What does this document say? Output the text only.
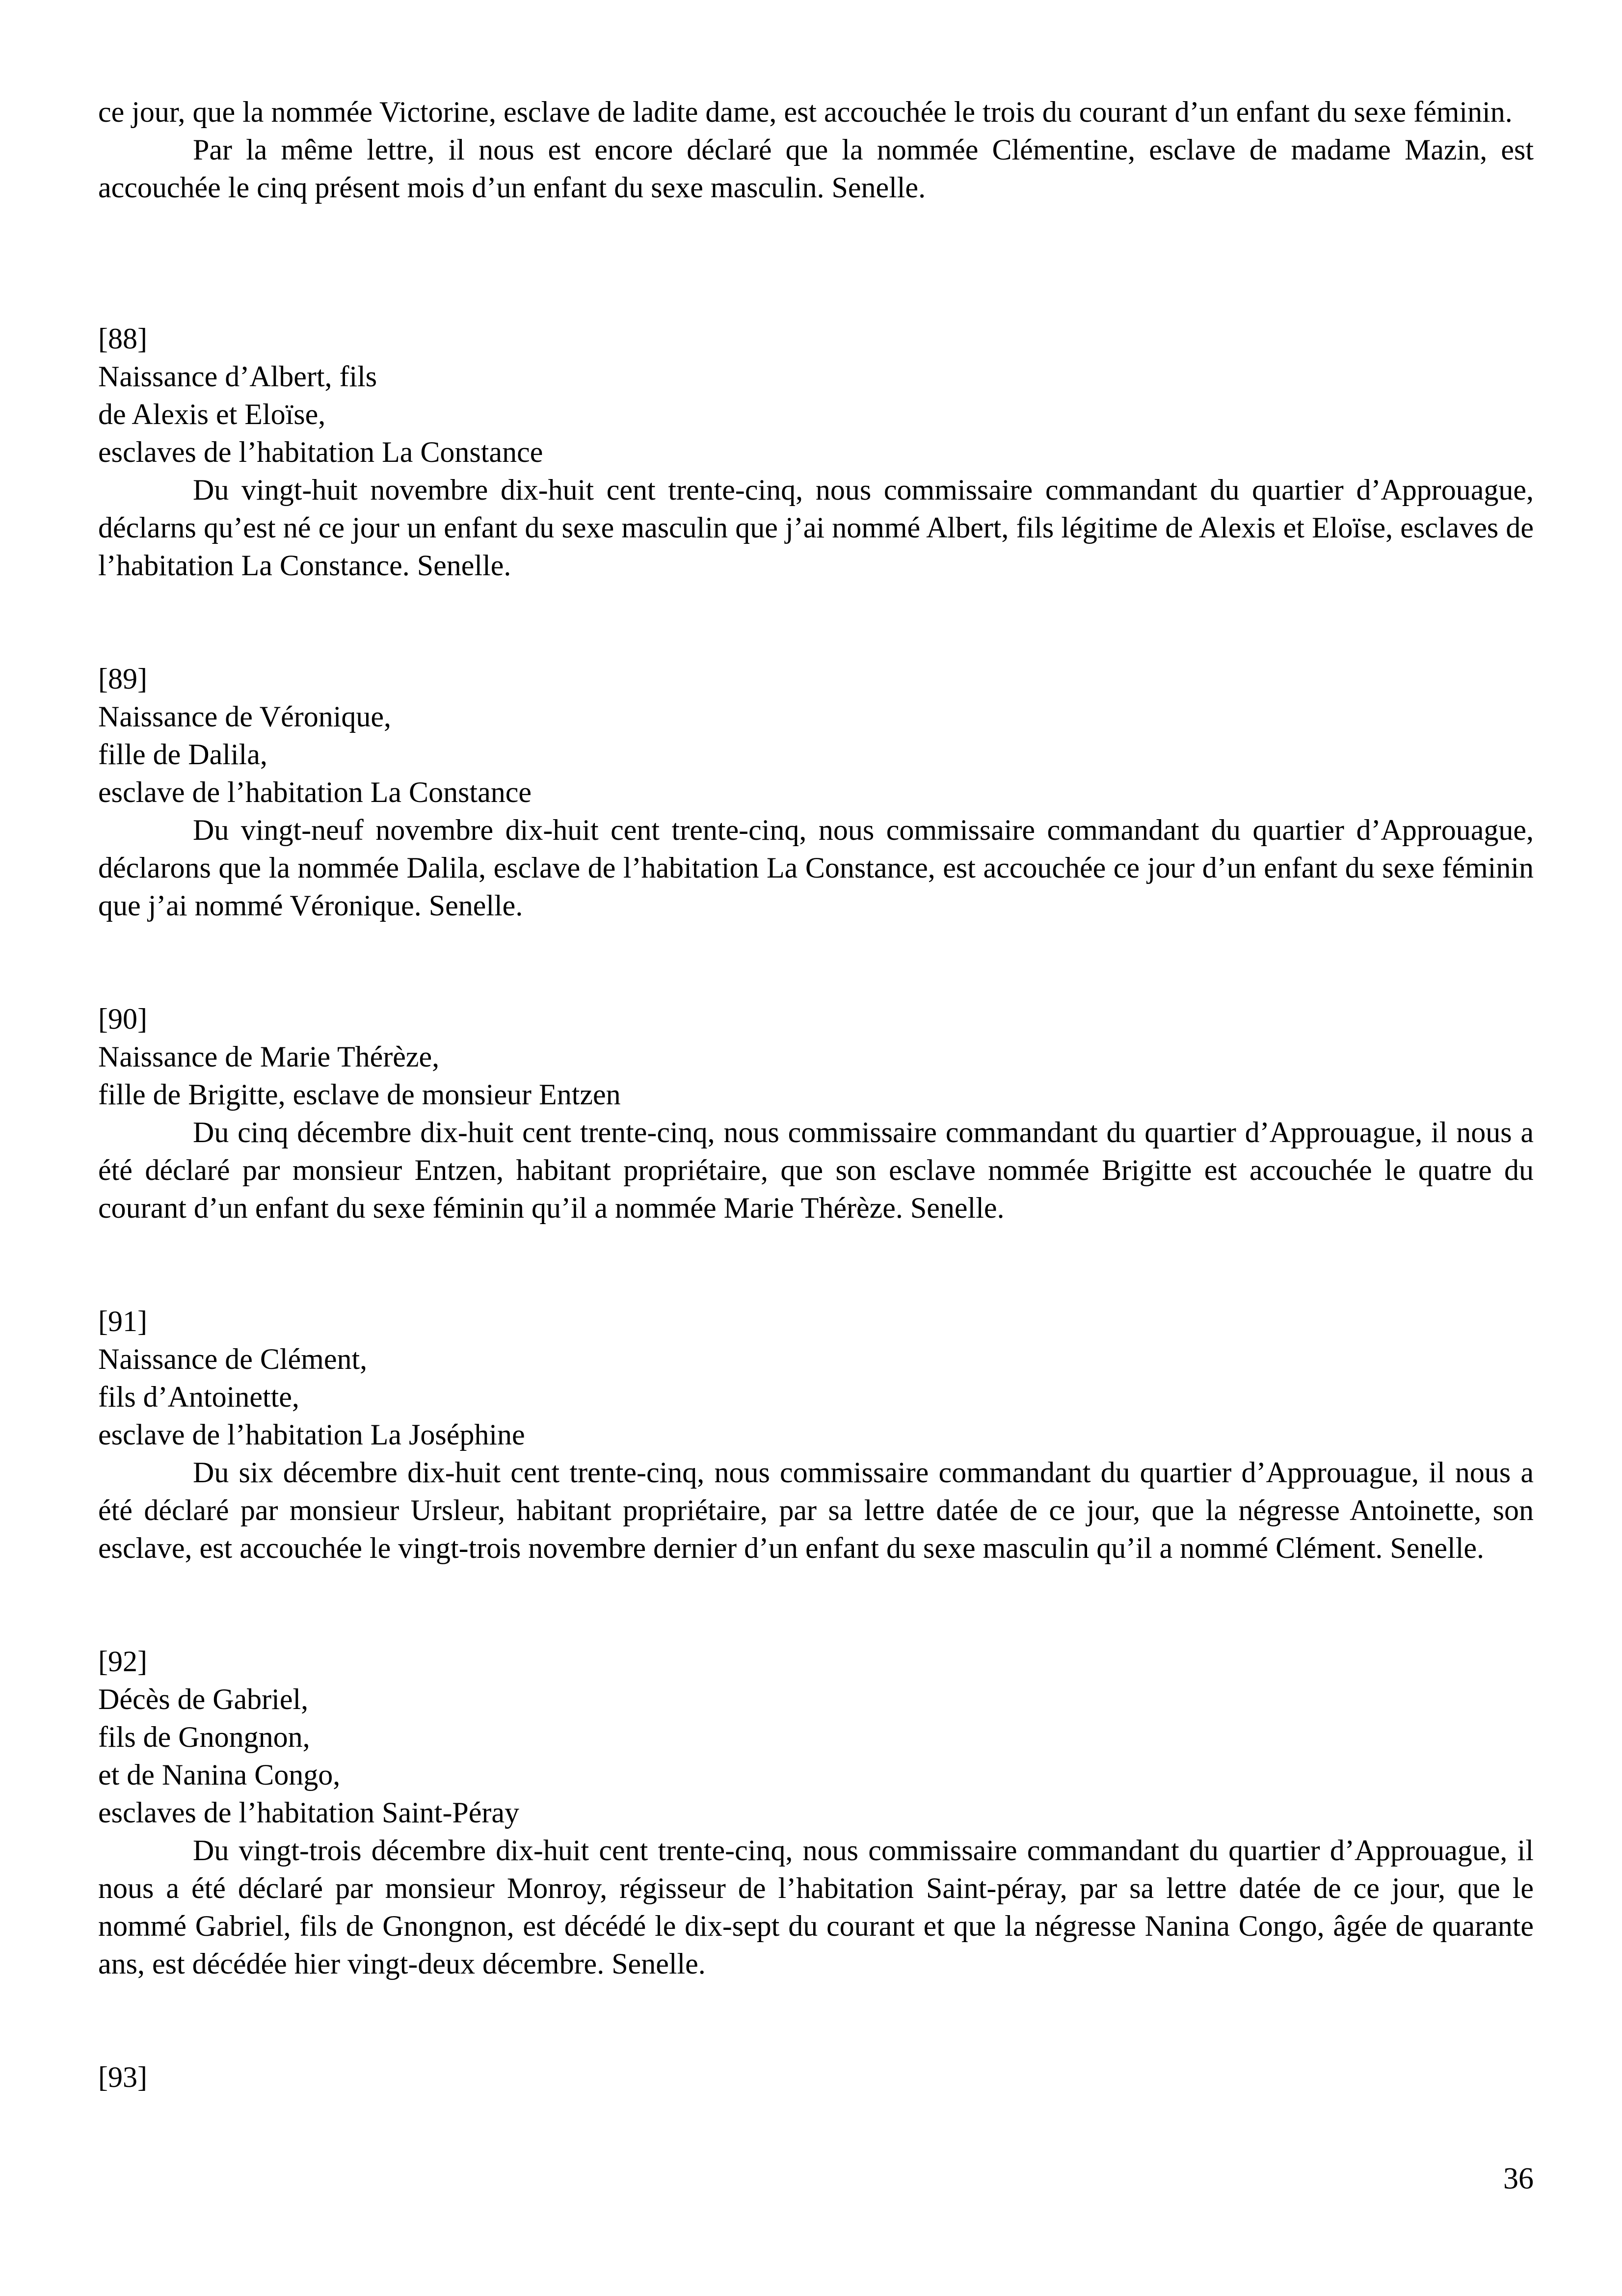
ce jour, que la nommée Victorine, esclave de ladite dame, est accouchée le trois du courant d’un enfant du sexe féminin.

Par la même lettre, il nous est encore déclaré que la nommée Clémentine, esclave de madame Mazin, est accouchée le cinq présent mois d’un enfant du sexe masculin. Senelle.

[88]
Naissance d’Albert, fils
de Alexis et Eloïse,
esclaves de l’habitation La Constance

Du vingt-huit novembre dix-huit cent trente-cinq, nous commissaire commandant du quartier d’Approuague, déclarns qu’est né ce jour un enfant du sexe masculin que j’ai nommé Albert, fils légitime de Alexis et Eloïse, esclaves de l’habitation La Constance. Senelle.

[89]
Naissance de Véronique,
fille de Dalila,
esclave de l’habitation La Constance

Du vingt-neuf novembre dix-huit cent trente-cinq, nous commissaire commandant du quartier d’Approuague, déclarons que la nommée Dalila, esclave de l’habitation La Constance, est accouchée ce jour d’un enfant du sexe féminin que j’ai nommé Véronique. Senelle.

[90]
Naissance de Marie Thérèze,
fille de Brigitte, esclave de monsieur Entzen

Du cinq décembre dix-huit cent trente-cinq, nous commissaire commandant du quartier d’Approuague, il nous a été déclaré par monsieur Entzen, habitant propriétaire, que son esclave nommée Brigitte est accouchée le quatre du courant d’un enfant du sexe féminin qu’il a nommée Marie Thérèze. Senelle.

[91]
Naissance de Clément,
fils d’Antoinette,
esclave de l’habitation La Joséphine

Du six décembre dix-huit cent trente-cinq, nous commissaire commandant du quartier d’Approuague, il nous a été déclaré par monsieur Ursleur, habitant propriétaire, par sa lettre datée de ce jour, que la négresse Antoinette, son esclave, est accouchée le vingt-trois novembre dernier d’un enfant du sexe masculin qu’il a nommé Clément. Senelle.

[92]
Décès de Gabriel,
fils de Gnongnon,
et de Nanina Congo,
esclaves de l’habitation Saint-Péray

Du vingt-trois décembre dix-huit cent trente-cinq, nous commissaire commandant du quartier d’Approuague, il nous a été déclaré par monsieur Monroy, régisseur de l’habitation Saint-péray, par sa lettre datée de ce jour, que le nommé Gabriel, fils de Gnongnon, est décédé le dix-sept du courant et que la négresse Nanina Congo, âgée de quarante ans, est décédée hier vingt-deux décembre. Senelle.

[93]
36
